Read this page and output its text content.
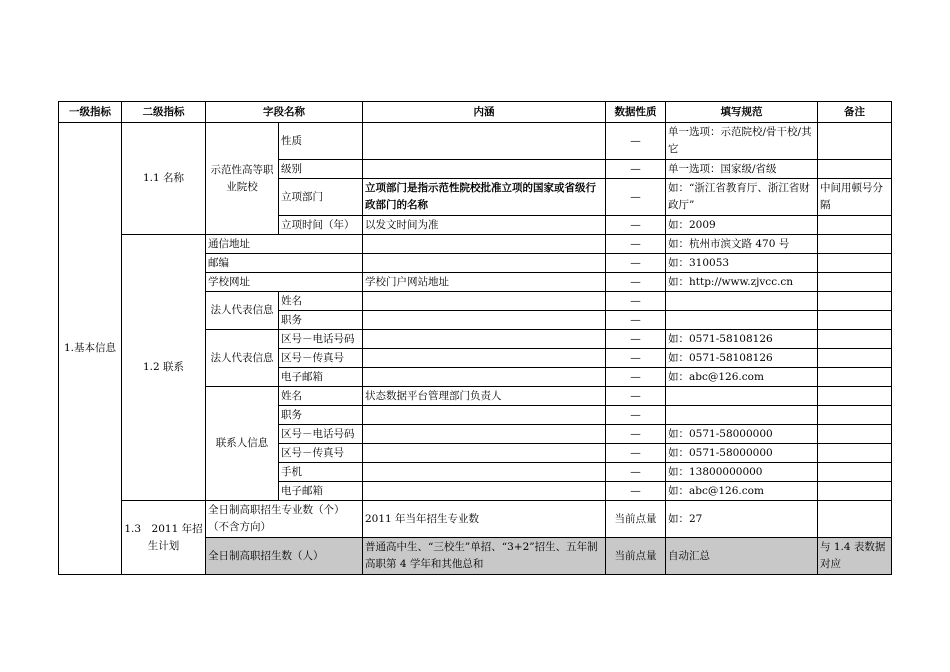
一级指标	二级指标	字段名称		内涵	数据性质	填写规范	备注
1.基本信息	1.1 名称	示范性高等职业院校	性质		—	单一选项：示范院校/骨干校/其它	
			级别		—	单一选项：国家级/省级	
			立项部门	立项部门是指示范性院校批准立项的国家或省级行政部门的名称	—	如：“浙江省教育厅、浙江省财政厅”	中间用顿号分隔
			立项时间（年）	以发文时间为准	—	如：2009	

	1.2 联系	通信地址			—	如：杭州市滨文路 470 号	
		邮编			—	如：310053	
		学校网址		学校门户网站地址	—	如：http://www.zjvcc.cn	
		法人代表信息	姓名		—		
			职务		—		
		法人代表信息	区号－电话号码		—	如：0571-58108126	
			区号－传真号		—	如：0571-58108126	
			电子邮箱		—	如：abc@126.com	
		联系人信息	姓名	状态数据平台管理部门负责人	—		
			职务		—		
			区号－电话号码		—	如：0571-58000000	
			区号－传真号		—	如：0571-58000000	
			手机		—	如：13800000000	
			电子邮箱		—	如：abc@126.com	
	1.3　2011 年招生计划	全日制高职招生专业数（个）（不含方向）		2011 年当年招生专业数	当前点量	如：27	
		全日制高职招生数（人）		普通高中生、“三校生”单招、“3+2”招生、五年制高职第 4 学年和其他总和	当前点量	自动汇总	与 1.4 表数据对应
